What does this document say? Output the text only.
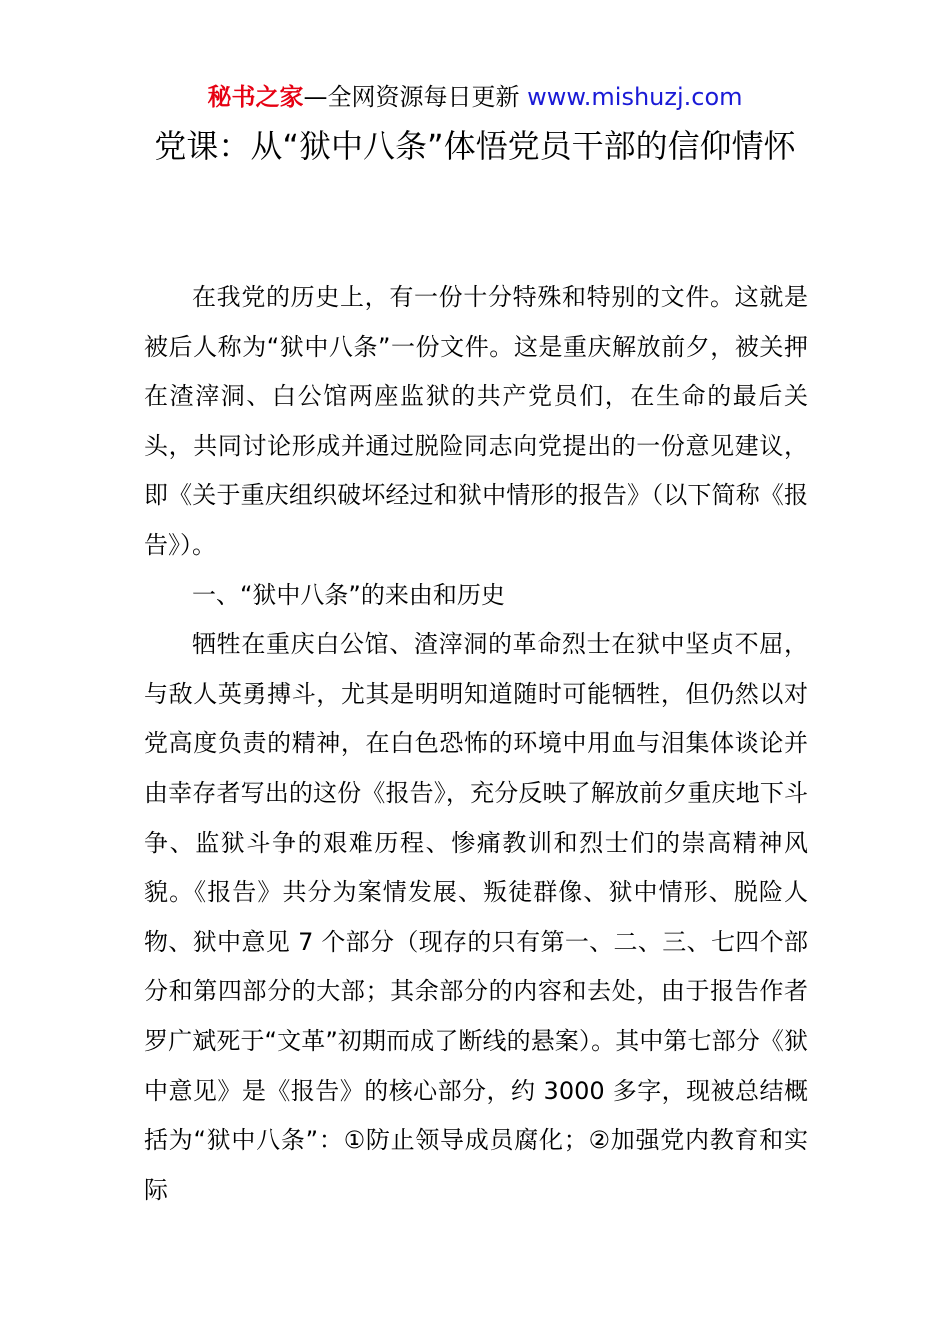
秘书之家—全网资源每日更新 www.mishuzj.com
党课：从“狱中八条”体悟党员干部的信仰情怀

在我党的历史上，有一份十分特殊和特别的文件。这就是被后人称为“狱中八条”一份文件。这是重庆解放前夕，被关押在渣滓洞、白公馆两座监狱的共产党员们，在生命的最后关头，共同讨论形成并通过脱险同志向党提出的一份意见建议，即《关于重庆组织破坏经过和狱中情形的报告》（以下简称《报告》）。

一、“狱中八条”的来由和历史

牺牲在重庆白公馆、渣滓洞的革命烈士在狱中坚贞不屈，与敌人英勇搏斗，尤其是明明知道随时可能牺牲，但仍然以对党高度负责的精神，在白色恐怖的环境中用血与泪集体谈论并由幸存者写出的这份《报告》，充分反映了解放前夕重庆地下斗争、监狱斗争的艰难历程、惨痛教训和烈士们的崇高精神风貌。《报告》共分为案情发展、叛徒群像、狱中情形、脱险人物、狱中意见 7 个部分（现存的只有第一、二、三、七四个部分和第四部分的大部；其余部分的内容和去处，由于报告作者罗广斌死于“文革”初期而成了断线的悬案）。其中第七部分《狱中意见》是《报告》的核心部分，约 3000 多字，现被总结概括为“狱中八条”：①防止领导成员腐化；②加强党内教育和实际
